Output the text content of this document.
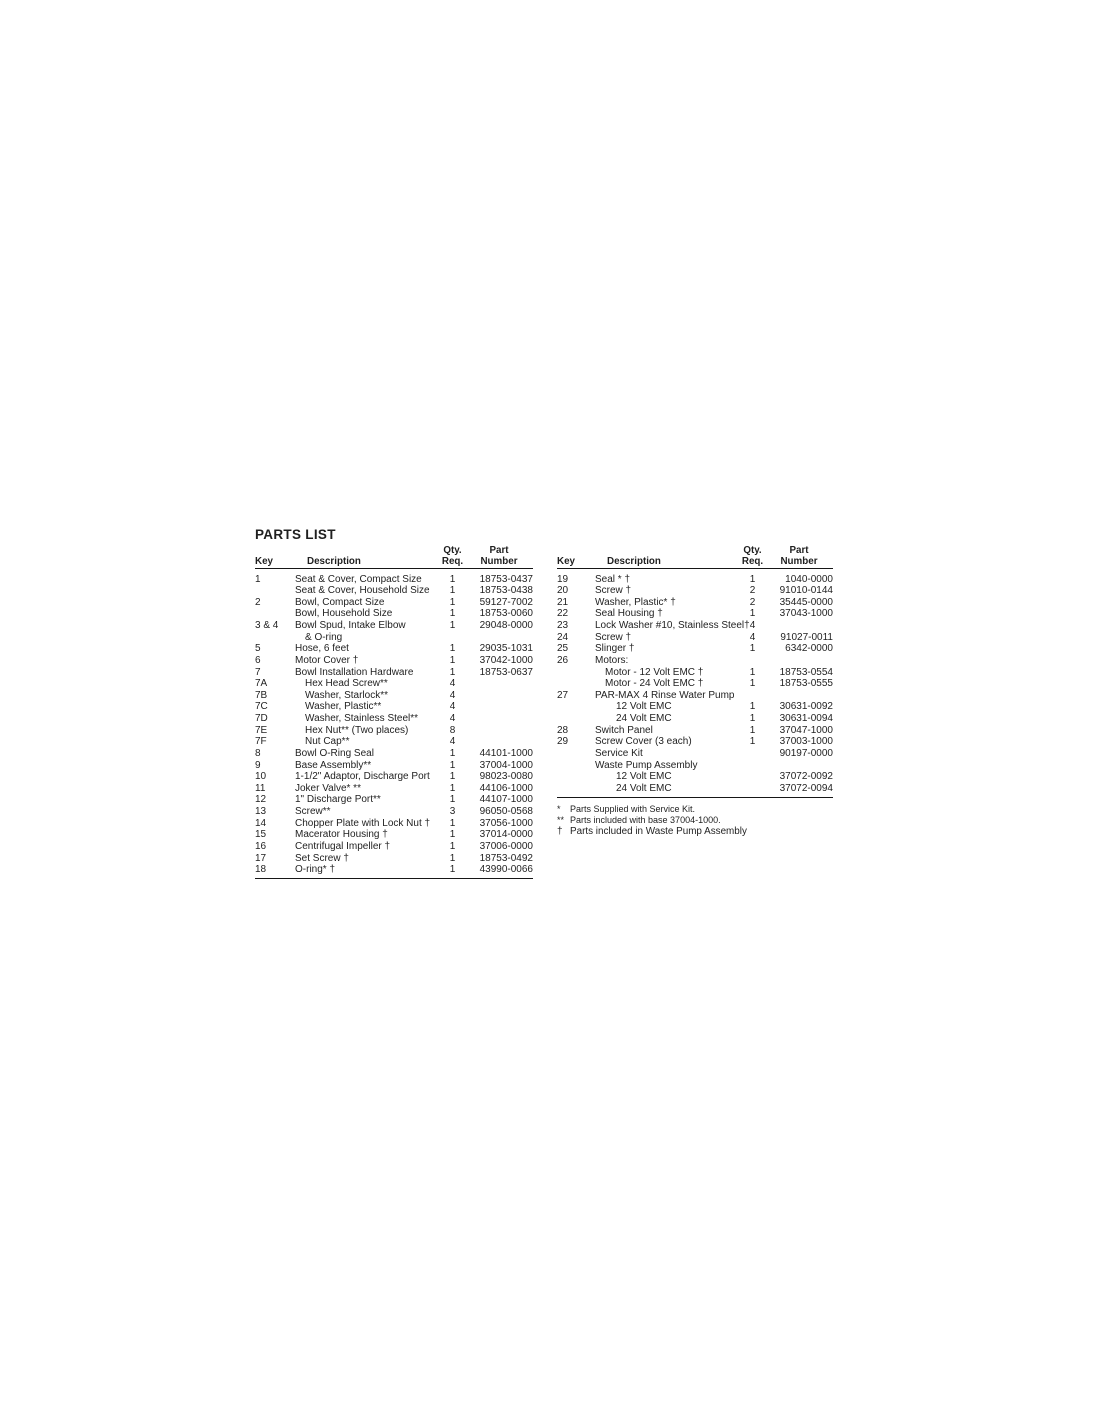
PARTS LIST
Qty.	Part
Key	Description	Req.	Number
1	Seat & Cover, Compact Size	1	18753-0437
Seat & Cover, Household Size	1	18753-0438
2	Bowl, Compact Size	1	59127-7002
Bowl, Household Size	1	18753-0060
3 & 4	Bowl Spud, Intake Elbow	1	29048-0000
& O-ring
5	Hose, 6 feet	1	29035-1031
6	Motor Cover †	1	37042-1000
7	Bowl Installation Hardware	1	18753-0637
7A	Hex Head Screw**	4
7B	Washer, Starlock**	4
7C	Washer, Plastic**	4
7D	Washer, Stainless Steel**	4
7E	Hex Nut** (Two places)	8
7F	Nut Cap**	4
8	Bowl O-Ring Seal	1	44101-1000
9	Base Assembly**	1	37004-1000
10	1-1/2" Adaptor, Discharge Port	1	98023-0080
11	Joker Valve* **	1	44106-1000
12	1" Discharge Port**	1	44107-1000
13	Screw**	3	96050-0568
14	Chopper Plate with Lock Nut †	1	37056-1000
15	Macerator Housing †	1	37014-0000
16	Centrifugal Impeller †	1	37006-0000
17	Set Screw †	1	18753-0492
18	O-ring* †	1	43990-0066
Qty.	Part
Key	Description	Req.	Number
19	Seal * †	1	1040-0000
20	Screw †	2	91010-0144
21	Washer, Plastic* †	2	35445-0000
22	Seal Housing †	1	37043-1000
23	Lock Washer #10, Stainless Steel† 4
24	Screw †	4	91027-0011
25	Slinger †	1	6342-0000
26	Motors:
Motor - 12 Volt EMC †	1	18753-0554
Motor - 24 Volt EMC †	1	18753-0555
27	PAR-MAX 4 Rinse Water Pump
12 Volt EMC	1	30631-0092
24 Volt EMC	1	30631-0094
28	Switch Panel	1	37047-1000
29	Screw Cover (3 each)	1	37003-1000
Service Kit	90197-0000
Waste Pump Assembly
12 Volt EMC	37072-0092
24 Volt EMC	37072-0094
*	Parts Supplied with Service Kit.
** Parts included with base 37004-1000.
† Parts included in Waste Pump Assembly
